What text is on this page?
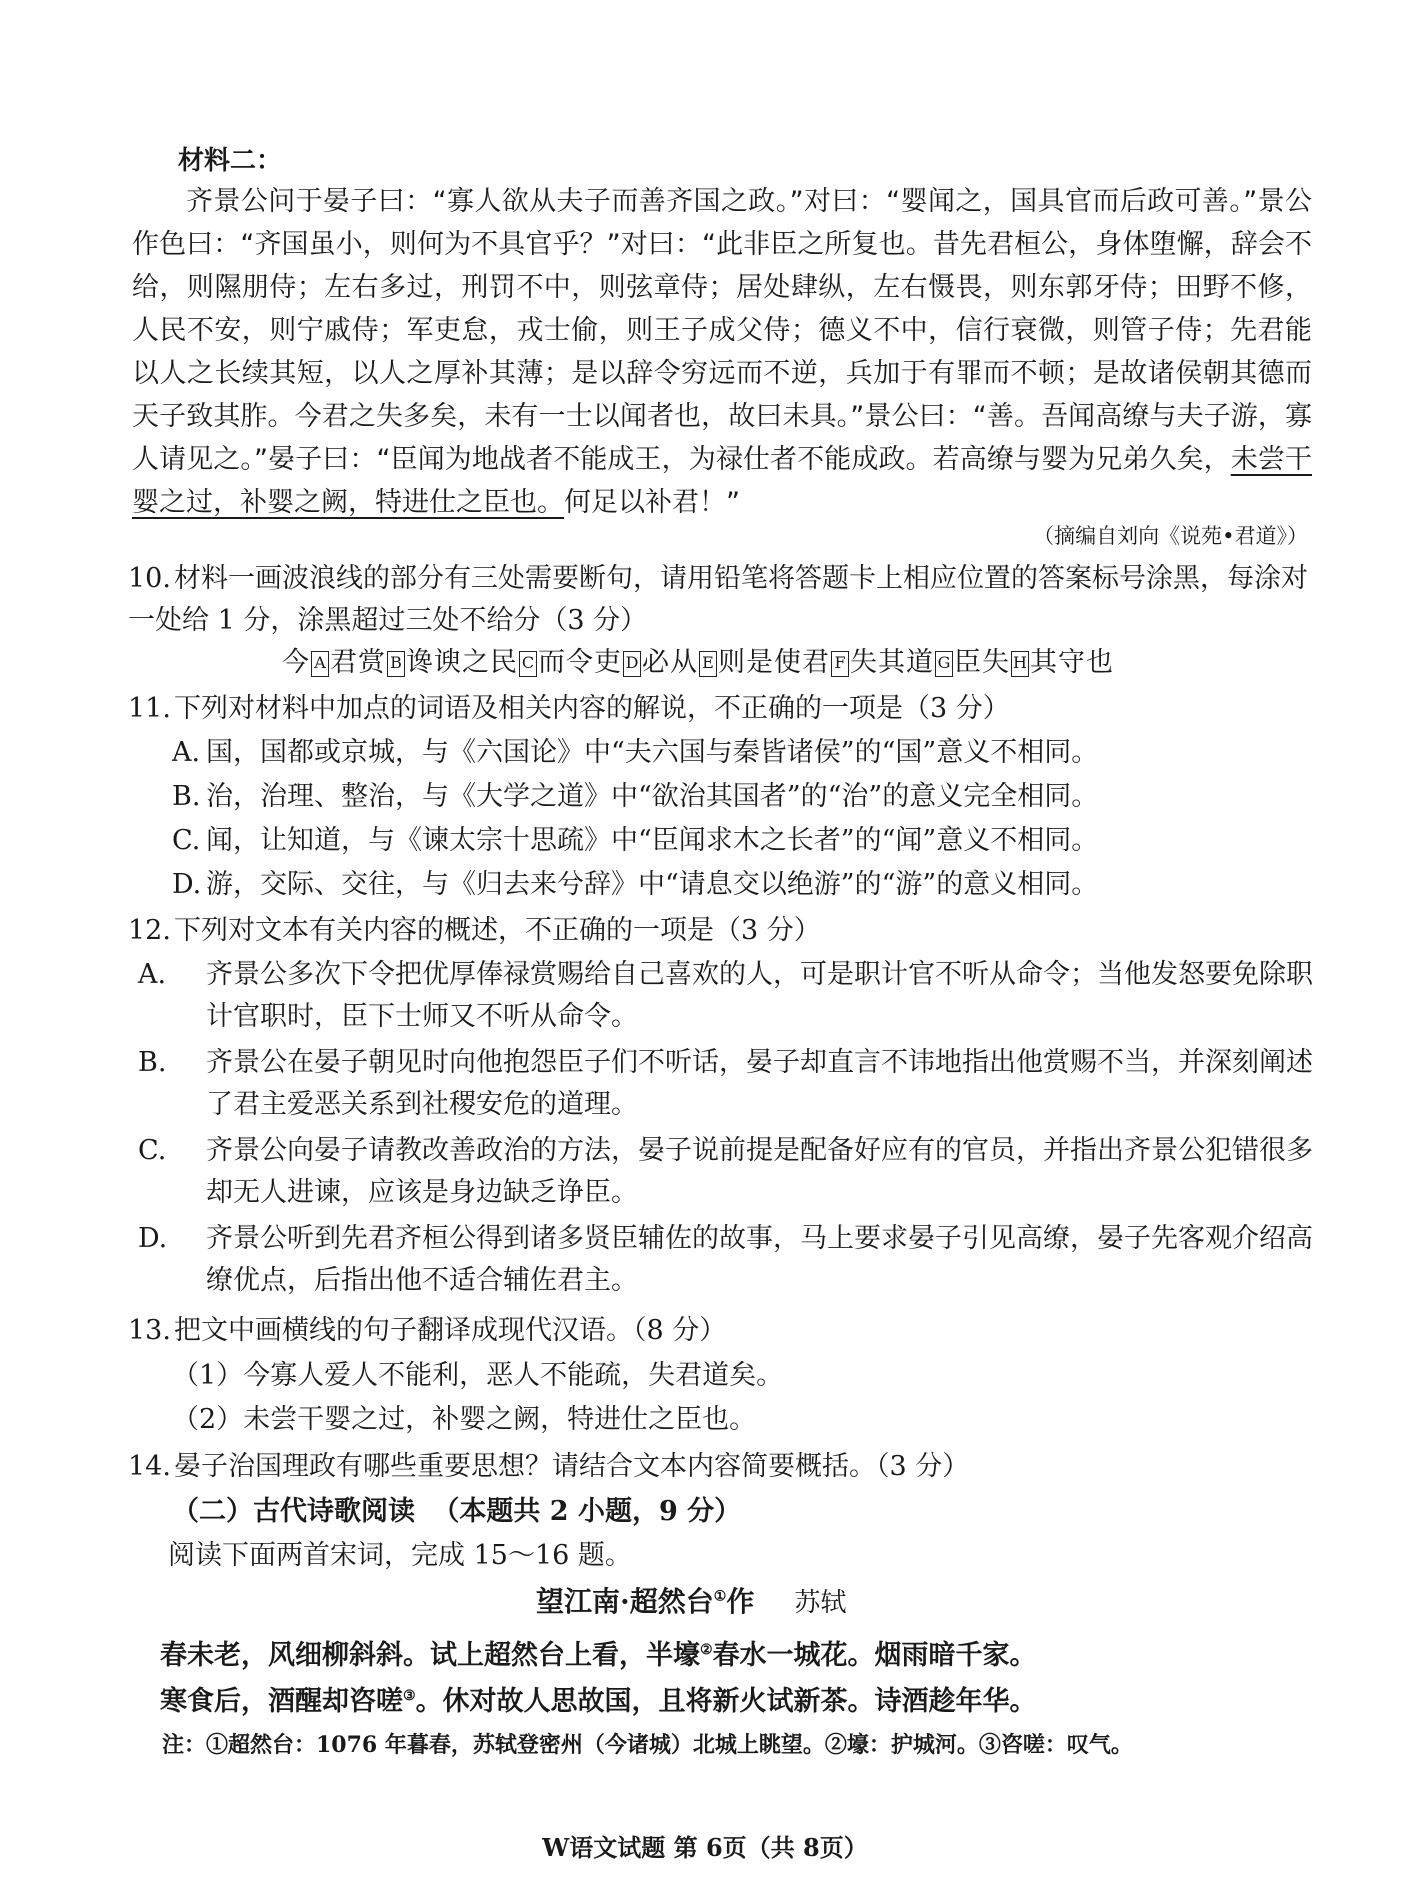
材料二：
齐景公问于晏子曰：“寡人欲从夫子而善齐国之政。”对曰：“婴闻之，国具官而后政可善。”景公作色曰：“齐国虽小，则何为不具官乎？”对曰：“此非臣之所复也。昔先君桓公，身体堕懈，辞会不给，则隰朋侍；左右多过，刑罚不中，则弦章侍；居处肆纵，左右慑畏，则东郭牙侍；田野不修，人民不安，则宁戚侍；军吏怠，戎士偷，则王子成父侍；德义不中，信行衰微，则管子侍；先君能以人之长续其短，以人之厚补其薄；是以辞令穷远而不逆，兵加于有罪而不顿；是故诸侯朝其德而天子致其胙。今君之失多矣，未有一士以闻者也，故曰未具。”景公曰：“善。吾闻高缭与夫子游，寡人请见之。”晏子曰：“臣闻为地战者不能成王，为禄仕者不能成政。若高缭与婴为兄弟久矣，未尝干婴之过，补婴之阙，特进仕之臣也。何足以补君！”
（摘编自刘向《说苑•君道》）
10. 材料一画波浪线的部分有三处需要断句，请用铅笔将答题卡上相应位置的答案标号涂黑，每涂对一处给 1 分，涂黑超过三处不给分（3 分）
今 A 君赏 B 谗谀之民 C 而令吏 D 必从 E 则是使君 F 失其道 G 臣失 H 其守也
11. 下列对材料中加点的词语及相关内容的解说，不正确的一项是（3 分）
A. 国，国都或京城，与《六国论》中“夫六国与秦皆诸侯”的“国”意义不相同。
B. 治，治理、整治，与《大学之道》中“欲治其国者”的“治”的意义完全相同。
C. 闻，让知道，与《谏太宗十思疏》中“臣闻求木之长者”的“闻”意义不相同。
D. 游，交际、交往，与《归去来兮辞》中“请息交以绝游”的“游”的意义相同。
12. 下列对文本有关内容的概述，不正确的一项是（3 分）
A. 齐景公多次下令把优厚俸禄赏赐给自己喜欢的人，可是职计官不听从命令；当他发怒要免除职计官职时，臣下士师又不听从命令。
B. 齐景公在晏子朝见时向他抱怨臣子们不听话，晏子却直言不讳地指出他赏赐不当，并深刻阐述了君主爱恶关系到社稷安危的道理。
C. 齐景公向晏子请教改善政治的方法，晏子说前提是配备好应有的官员，并指出齐景公犯错很多却无人进谏，应该是身边缺乏诤臣。
D. 齐景公听到先君齐桓公得到诸多贤臣辅佐的故事，马上要求晏子引见高缭，晏子先客观介绍高缭优点，后指出他不适合辅佐君主。
13. 把文中画横线的句子翻译成现代汉语。（8 分）
（1）今寡人爱人不能利，恶人不能疏，失君道矣。
（2）未尝干婴之过，补婴之阙，特进仕之臣也。
14. 晏子治国理政有哪些重要思想？请结合文本内容简要概括。（3 分）
（二）古代诗歌阅读 （本题共 2 小题，9 分）
阅读下面两首宋词，完成 15～16 题。
望江南·超然台①作 苏轼
春未老，风细柳斜斜。试上超然台上看，半壕②春水一城花。烟雨暗千家。
寒食后，酒醒却咨嗟③。休对故人思故国，且将新火试新茶。诗酒趁年华。
注：①超然台：1076 年暮春，苏轼登密州（今诸城）北城上眺望。②壕：护城河。③咨嗟：叹气。
W语文试题 第 6页（共 8页）
